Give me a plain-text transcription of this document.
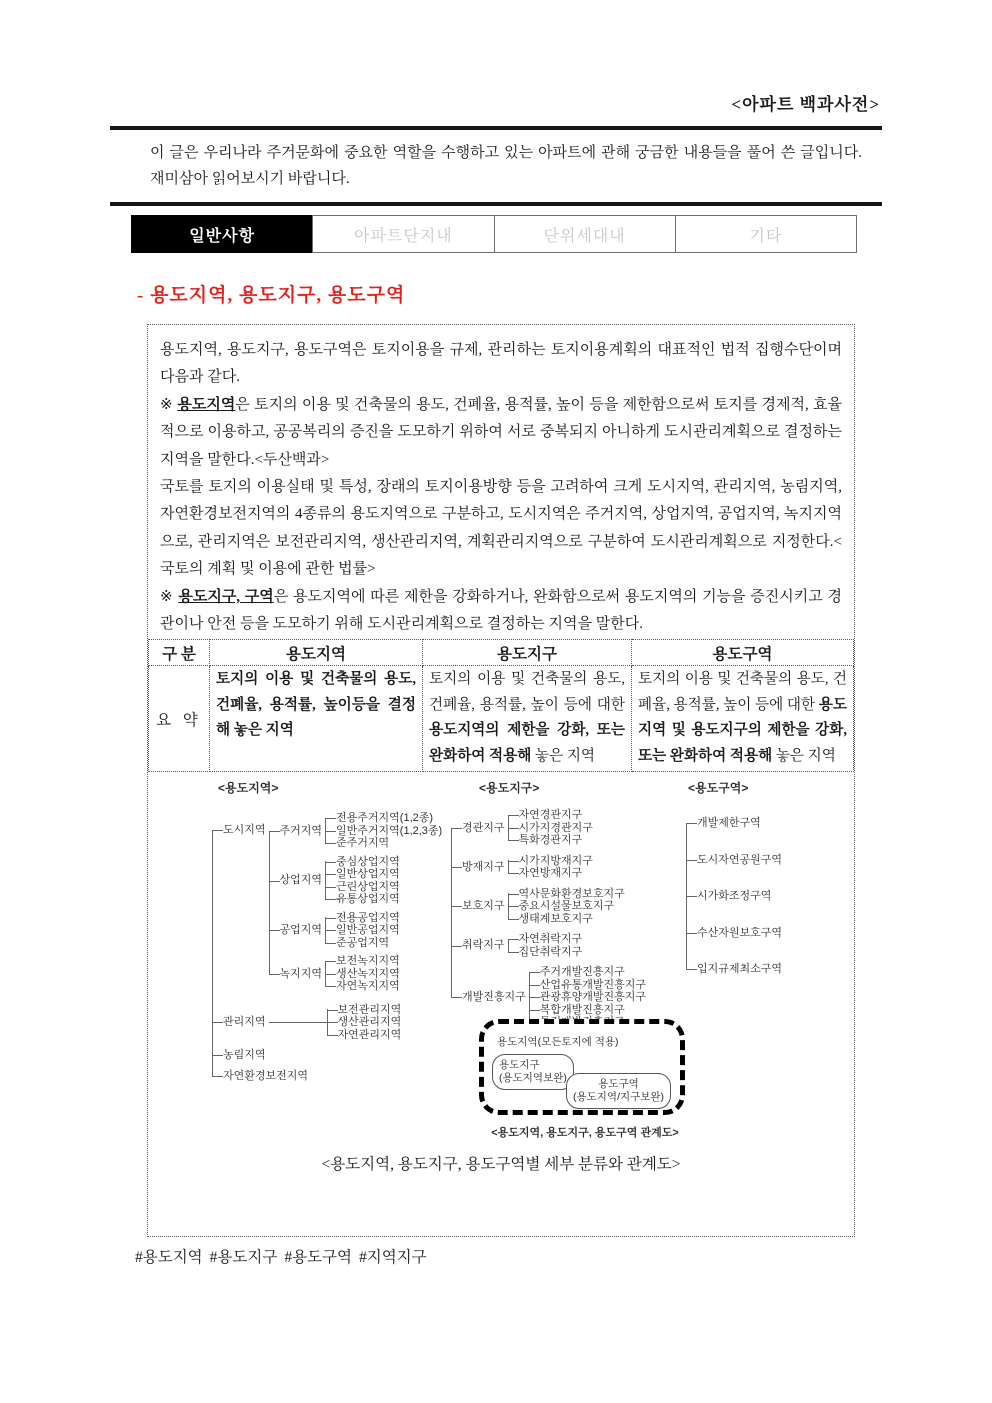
<아파트 백과사전>

이 글은 우리나라 주거문화에 중요한 역할을 수행하고 있는 아파트에 관해 궁금한 내용들을 풀어 쓴 글입니다. 재미삼아 읽어보시기 바랍니다.

일반사항	아파트단지내	단위세대내	기타
- 용도지역, 용도지구, 용도구역

용도지역, 용도지구, 용도구역은 토지이용을 규제, 관리하는 토지이용계획의 대표적인 법적 집행수단이며 다음과 같다.

※ 용도지역은 토지의 이용 및 건축물의 용도, 건폐율, 용적률, 높이 등을 제한함으로써 토지를 경제적, 효율적으로 이용하고, 공공복리의 증진을 도모하기 위하여 서로 중복되지 아니하게 도시관리계획으로 결정하는 지역을 말한다.<두산백과>

국토를 토지의 이용실태 및 특성, 장래의 토지이용방향 등을 고려하여 크게 도시지역, 관리지역, 농림지역, 자연환경보전지역의 4종류의 용도지역으로 구분하고, 도시지역은 주거지역, 상업지역, 공업지역, 녹지지역으로, 관리지역은 보전관리지역, 생산관리지역, 계획관리지역으로 구분하여 도시관리계획으로 지정한다.<국토의 계획 및 이용에 관한 법률>

※ 용도지구, 구역은 용도지역에 따른 제한을 강화하거나, 완화함으로써 용도지역의 기능을 증진시키고 경관이나 안전 등을 도모하기 위해 도시관리계획으로 결정하는 지역을 말한다.

구 분	용도지역	용도지구	용도구역
요 약	토지의 이용 및 건축물의 용도, 건폐율, 용적률, 높이등을 결정해 놓은 지역	토지의 이용 및 건축물의 용도, 건폐율, 용적률, 높이 등에 대한 용도지역의 제한을 강화, 또는 완화하여 적용해 놓은 지역	토지의 이용 및 건축물의 용도, 건폐율, 용적률, 높이 등에 대한 용도지역 및 용도지구의 제한을 강화, 또는 완화하여 적용해 놓은 지역
<용도지역>
도시지역 주거지역
전용주거지역(1,2종)
일반주거지역(1,2,3종)
준주거지역
상업지역
중심상업지역
일반상업지역
근린상업지역
유통상업지역
공업지역
전용공업지역
일반공업지역
준공업지역
녹지지역
보전녹지지역
생산녹지지역
자연녹지지역
관리지역
보전관리지역
생산관리지역
자연관리지역
농림지역
자연환경보전지역
<용도지구>
경관지구
자연경관지구
시가지경관지구
특화경관지구
방재지구
시가지방재지구
자연방재지구
보호지구
역사문화환경보호지구
중요시설물보호지구
생태계보호지구
취락지구
자연취락지구
집단취락지구
개발진흥지구
주거개발진흥지구
산업유통개발진흥지구
관광휴양개발진흥지구
복합개발진흥지구
<용도구역>
개발제한구역
도시자연공원구역
시가화조정구역
수산자원보호구역
입지규제최소구역
용도지역(모든토지에 적용)
용도지구
(용도지역보완)	용도구역
(용도지역/지구보완)
<용도지역, 용도지구, 용도구역 관계도>
<용도지역, 용도지구, 용도구역별 세부 분류와 관계도>
#용도지역 #용도지구 #용도구역 #지역지구
